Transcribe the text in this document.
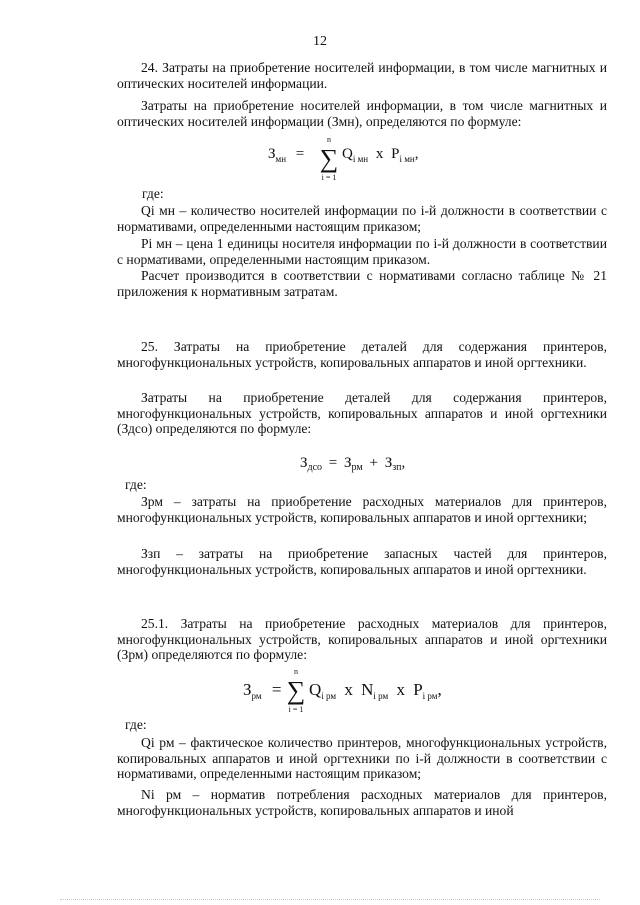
12

24. Затраты на приобретение носителей информации, в том числе магнитных и оптических носителей информации.

Затраты на приобретение носителей информации, в том числе магнитных и оптических носителей информации (Змн), определяются по формуле:

$З_{мн}$ =
n
∑
i = 1
$Q_{i мн}$ x $P_{i мн}$,

где:

Qi мн – количество носителей информации по i-й должности в соответствии с нормативами, определенными настоящим приказом;

Pi мн – цена 1 единицы носителя информации по i-й должности в соответствии с нормативами, определенными настоящим приказом.

Расчет производится в соответствии с нормативами согласно таблице № 21 приложения к нормативным затратам.

25. Затраты на приобретение деталей для содержания принтеров, многофункциональных устройств, копировальных аппаратов и иной оргтехники.

Затраты на приобретение деталей для содержания принтеров, многофункциональных устройств, копировальных аппаратов и иной оргтехники (Здсо) определяются по формуле:

$З_{дсо} = З_{рм} + З_{зп}$,

где:

Зрм – затраты на приобретение расходных материалов для принтеров, многофункциональных устройств, копировальных аппаратов и иной оргтехники;

Ззп – затраты на приобретение запасных частей для принтеров, многофункциональных устройств, копировальных аппаратов и иной оргтехники.

25.1. Затраты на приобретение расходных материалов для принтеров, многофункциональных устройств, копировальных аппаратов и иной оргтехники (Зрм) определяются по формуле:

$З_{рм}$ =
n
∑
i = 1
$Q_{i рм}$ x $N_{i рм}$ x $P_{i рм}$,

где:

Qi рм – фактическое количество принтеров, многофункциональных устройств, копировальных аппаратов и иной оргтехники по i-й должности в соответствии с нормативами, определенными настоящим приказом;

Ni рм – норматив потребления расходных материалов для принтеров, многофункциональных устройств, копировальных аппаратов и иной
